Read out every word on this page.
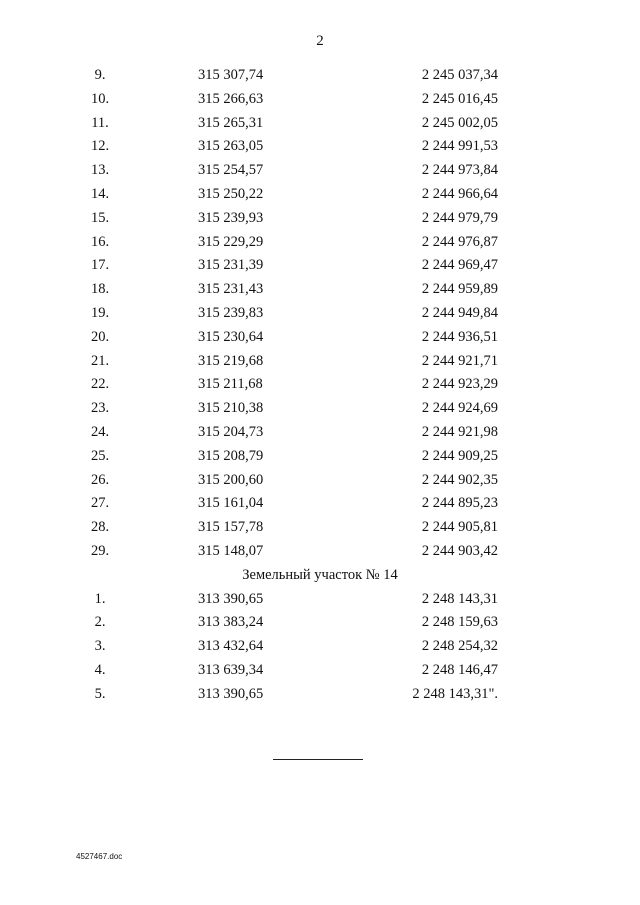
2
9.	315 307,74	2 245 037,34
10.	315 266,63	2 245 016,45
11.	315 265,31	2 245 002,05
12.	315 263,05	2 244 991,53
13.	315 254,57	2 244 973,84
14.	315 250,22	2 244 966,64
15.	315 239,93	2 244 979,79
16.	315 229,29	2 244 976,87
17.	315 231,39	2 244 969,47
18.	315 231,43	2 244 959,89
19.	315 239,83	2 244 949,84
20.	315 230,64	2 244 936,51
21.	315 219,68	2 244 921,71
22.	315 211,68	2 244 923,29
23.	315 210,38	2 244 924,69
24.	315 204,73	2 244 921,98
25.	315 208,79	2 244 909,25
26.	315 200,60	2 244 902,35
27.	315 161,04	2 244 895,23
28.	315 157,78	2 244 905,81
29.	315 148,07	2 244 903,42
Земельный участок № 14
1.	313 390,65	2 248 143,31
2.	313 383,24	2 248 159,63
3.	313 432,64	2 248 254,32
4.	313 639,34	2 248 146,47
5.	313 390,65	2 248 143,31".
4527467.doc
